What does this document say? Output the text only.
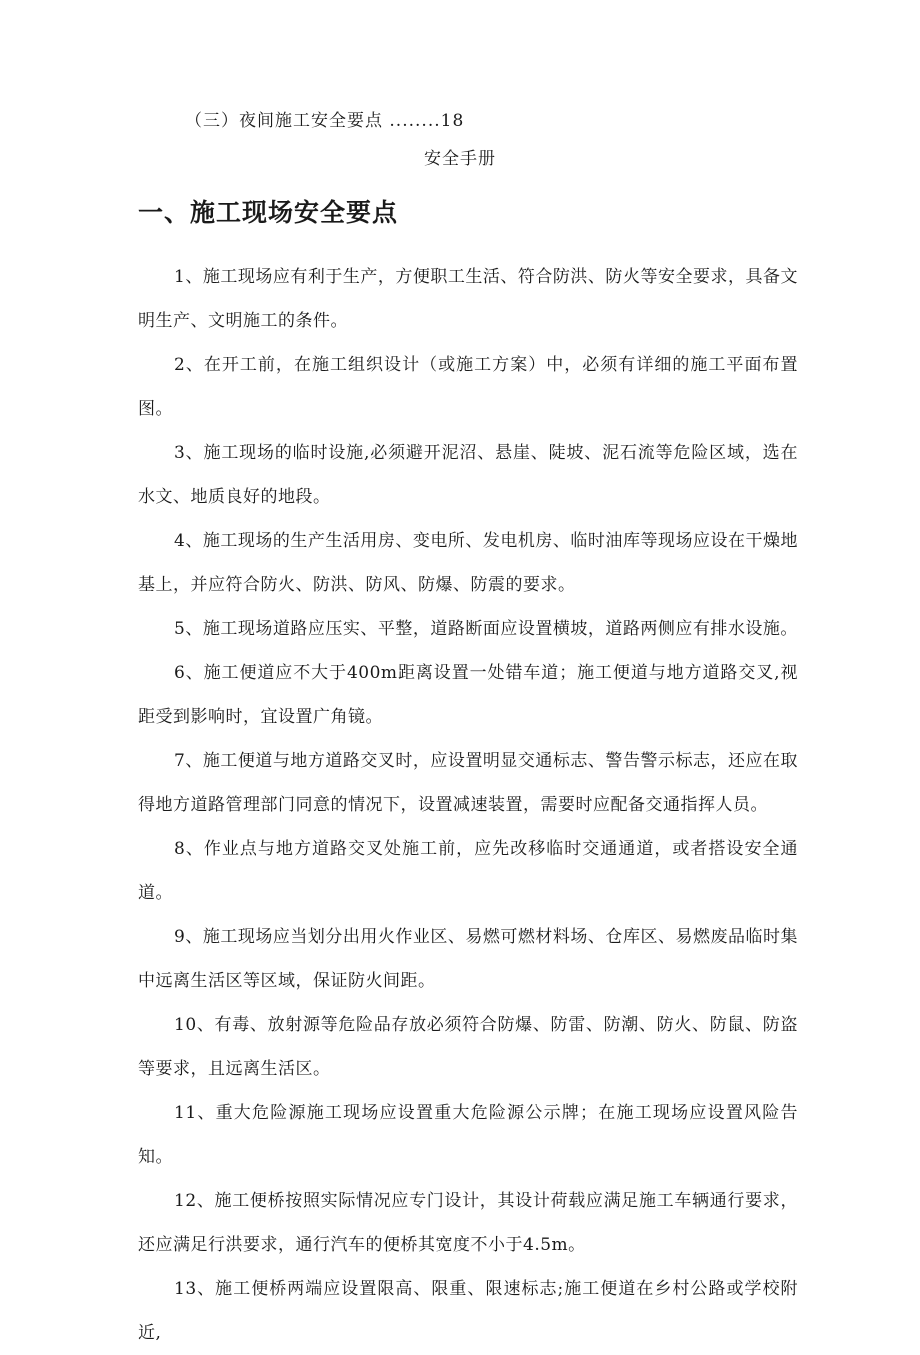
（三）夜间施工安全要点 ........18
安全手册
一、施工现场安全要点

1、施工现场应有利于生产，方便职工生活、符合防洪、防火等安全要求，具备文明生产、文明施工的条件。

2、在开工前，在施工组织设计（或施工方案）中，必须有详细的施工平面布置图。

3、施工现场的临时设施,必须避开泥沼、悬崖、陡坡、泥石流等危险区域，选在水文、地质良好的地段。

4、施工现场的生产生活用房、变电所、发电机房、临时油库等现场应设在干燥地基上，并应符合防火、防洪、防风、防爆、防震的要求。

5、施工现场道路应压实、平整，道路断面应设置横坡，道路两侧应有排水设施。

6、施工便道应不大于400m距离设置一处错车道；施工便道与地方道路交叉,视距受到影响时，宜设置广角镜。

7、施工便道与地方道路交叉时，应设置明显交通标志、警告警示标志，还应在取得地方道路管理部门同意的情况下，设置减速装置，需要时应配备交通指挥人员。

8、作业点与地方道路交叉处施工前，应先改移临时交通通道，或者搭设安全通道。

9、施工现场应当划分出用火作业区、易燃可燃材料场、仓库区、易燃废品临时集中远离生活区等区域，保证防火间距。

10、有毒、放射源等危险品存放必须符合防爆、防雷、防潮、防火、防鼠、防盗等要求，且远离生活区。

11、重大危险源施工现场应设置重大危险源公示牌；在施工现场应设置风险告知。

12、施工便桥按照实际情况应专门设计，其设计荷载应满足施工车辆通行要求，还应满足行洪要求，通行汽车的便桥其宽度不小于4.5m。

13、施工便桥两端应设置限高、限重、限速标志;施工便道在乡村公路或学校附近,
